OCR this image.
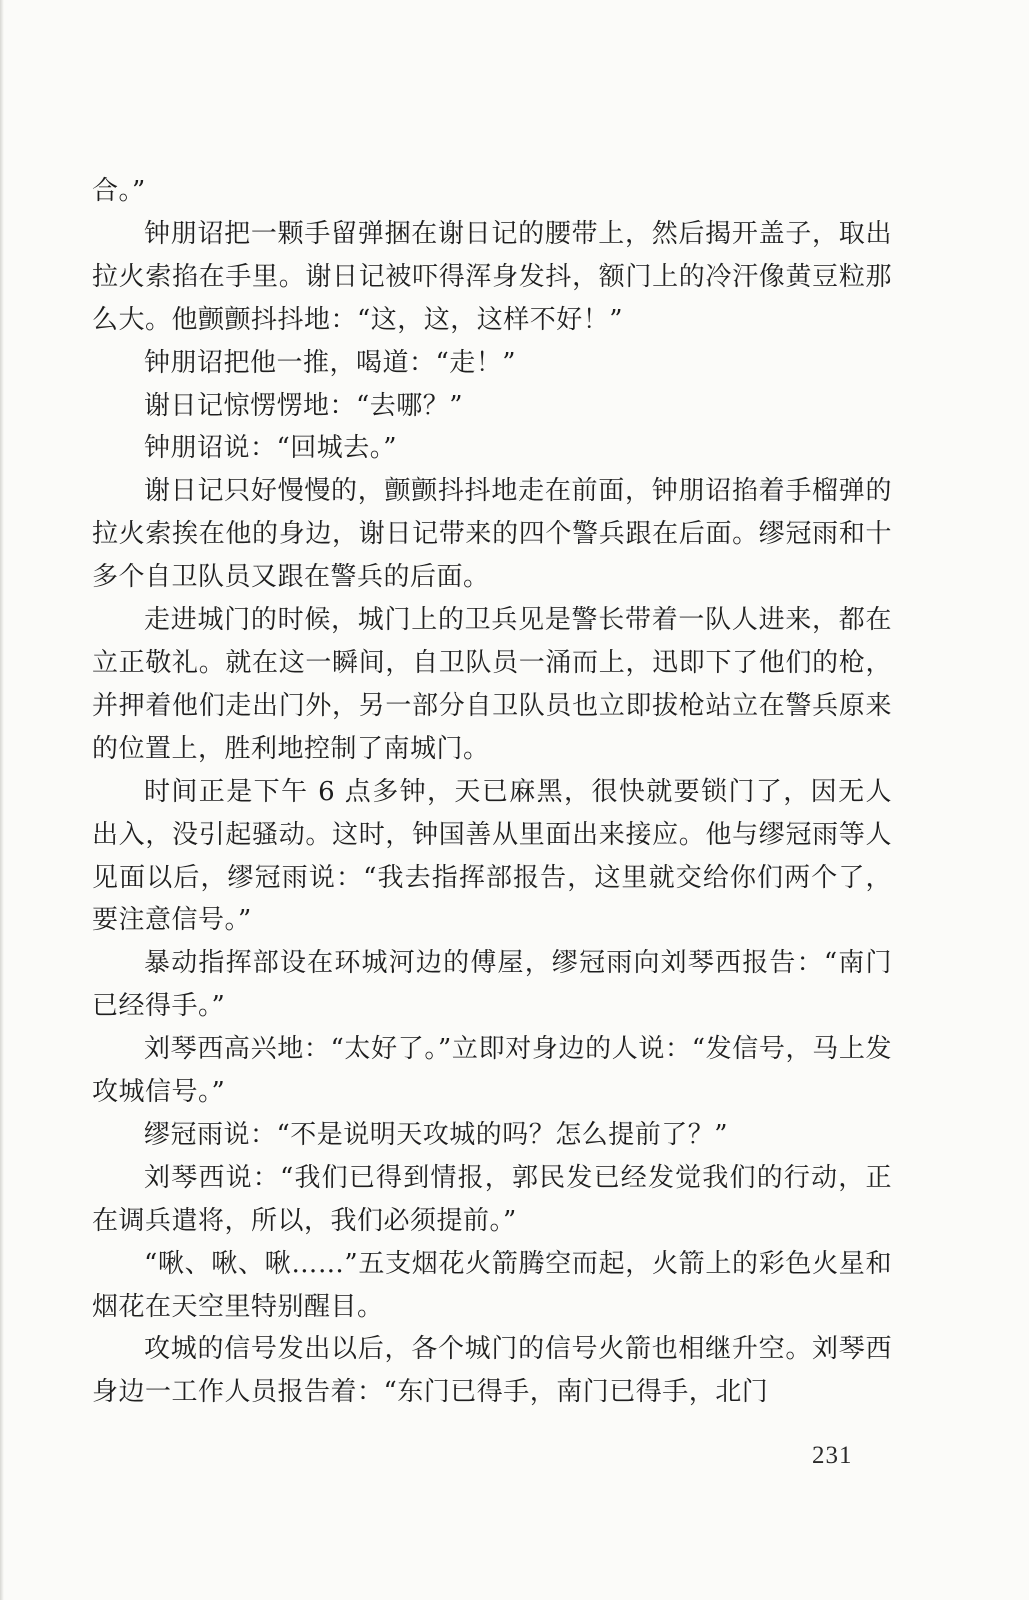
合。”

钟朋诏把一颗手留弹捆在谢日记的腰带上，然后揭开盖子，取出拉火索掐在手里。谢日记被吓得浑身发抖，额门上的冷汗像黄豆粒那么大。他颤颤抖抖地：“这，这，这样不好！”

钟朋诏把他一推，喝道：“走！”

谢日记惊愣愣地：“去哪？”

钟朋诏说：“回城去。”

谢日记只好慢慢的，颤颤抖抖地走在前面，钟朋诏掐着手榴弹的拉火索挨在他的身边，谢日记带来的四个警兵跟在后面。缪冠雨和十多个自卫队员又跟在警兵的后面。

走进城门的时候，城门上的卫兵见是警长带着一队人进来，都在立正敬礼。就在这一瞬间，自卫队员一涌而上，迅即下了他们的枪，并押着他们走出门外，另一部分自卫队员也立即拔枪站立在警兵原来的位置上，胜利地控制了南城门。

时间正是下午 6 点多钟，天已麻黑，很快就要锁门了，因无人出入，没引起骚动。这时，钟国善从里面出来接应。他与缪冠雨等人见面以后，缪冠雨说：“我去指挥部报告，这里就交给你们两个了，要注意信号。”

暴动指挥部设在环城河边的傅屋，缪冠雨向刘琴西报告：“南门已经得手。”

刘琴西高兴地：“太好了。”立即对身边的人说：“发信号，马上发攻城信号。”

缪冠雨说：“不是说明天攻城的吗？怎么提前了？”

刘琴西说：“我们已得到情报，郭民发已经发觉我们的行动，正在调兵遣将，所以，我们必须提前。”

“啾、啾、啾……”五支烟花火箭腾空而起，火箭上的彩色火星和烟花在天空里特别醒目。

攻城的信号发出以后，各个城门的信号火箭也相继升空。刘琴西身边一工作人员报告着：“东门已得手，南门已得手，北门

231
